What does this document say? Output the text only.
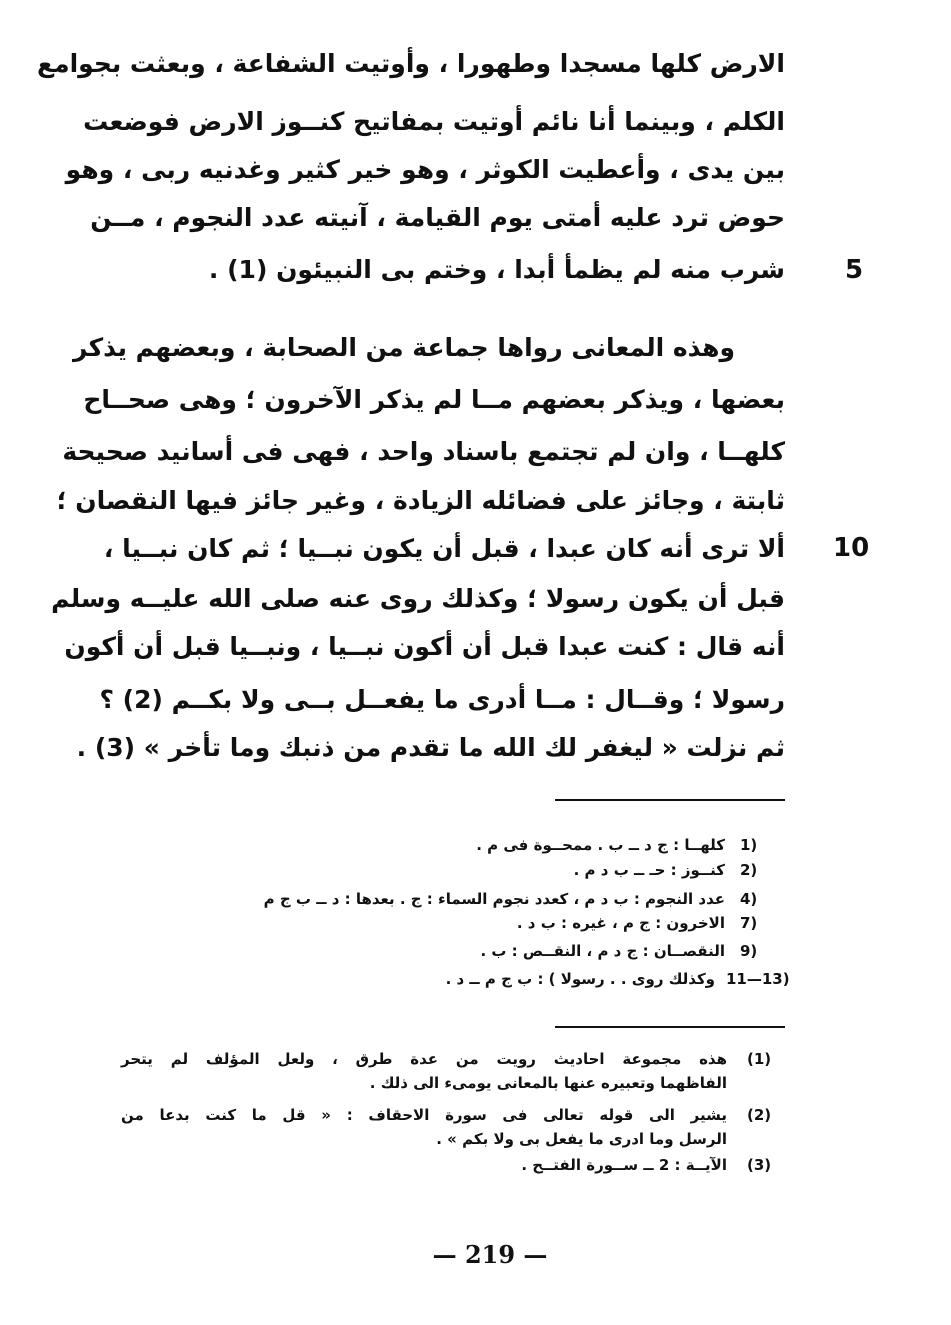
الارض كلها مسجدا وطهورا ، وأوتيت الشفاعة ، وبعثت بجوامع
الكلم ، وبينما أنا نائم أوتيت بمفاتيح كنــوز الارض فوضعت
بين يدى ، وأعطيت الكوثر ، وهو خير كثير وغدنيه ربى ، وهو
حوض ترد عليه أمتى يوم القيامة ، آنيته عدد النجوم ، مــن
شرب منه لم يظمأ أبدا ، وختم بى النبيئون (1) .
وهذه المعانى رواها جماعة من الصحابة ، وبعضهم يذكر
بعضها ، ويذكر بعضهم مــا لم يذكر الآخرون ؛ وهى صحــاح
كلهــا ، وان لم تجتمع باسناد واحد ، فهى فى أسانيد صحيحة
ثابتة ، وجائز على فضائله الزيادة ، وغير جائز فيها النقصان ؛
ألا ترى أنه كان عبدا ، قبل أن يكون نبــيا ؛ ثم كان نبــيا ،
قبل أن يكون رسولا ؛ وكذلك روى عنه صلى الله عليــه وسلم
أنه قال : كنت عبدا قبل أن أكون نبــيا ، ونبــيا قبل أن أكون
رسولا ؛ وقــال : مــا أدرى ما يفعــل بــى ولا بكــم (2) ؟
ثم نزلت « ليغفر لك الله ما تقدم من ذنبك وما تأخر » (3) .
5
10
1)
كلهــا : ج د ــ ب . ممحــوة فى م .
2)
كنــوز : حـ ــ ب د م .
4)
عدد النجوم : ب د م ، كعدد نجوم السماء : ج . بعدها : د ــ ب ج م
7)
الاخرون : ج م ، غيره : ب د .
9)
النقصــان : ج د م ، النقــص : ب .
11—13)
وكذلك روى . . رسولا ) : ب ج م ــ د .
(1)
هذه مجموعة احاديث رويت من عدة طرق ، ولعل المؤلف لم يتحر
الفاظهما وتعبيره عنها بالمعانى يومىء الى ذلك .
(2)
يشير الى قوله تعالى فى سورة الاحقاف : « قل ما كنت بدعا من
الرسل وما ادرى ما يفعل بى ولا بكم » .
(3)
الآيــة : 2 ــ ســورة الفتــح .
— 219 —
